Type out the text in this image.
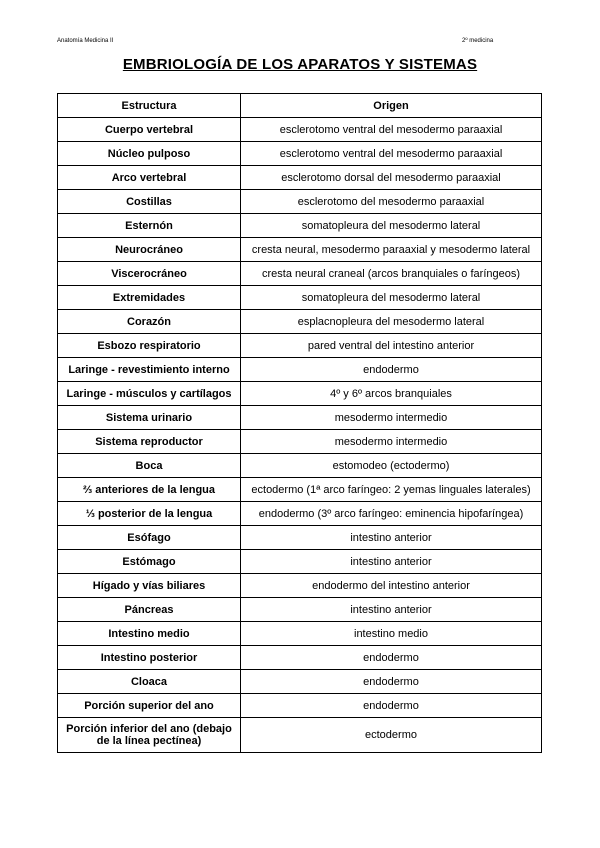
Anatomía Medicina II	2º medicina
EMBRIOLOGÍA DE LOS APARATOS Y SISTEMAS
Estructura	Origen
Cuerpo vertebral	esclerotomo ventral del mesodermo paraaxial
Núcleo pulposo	esclerotomo ventral del mesodermo paraaxial
Arco vertebral	esclerotomo dorsal del mesodermo paraaxial
Costillas	esclerotomo del mesodermo paraaxial
Esternón	somatopleura del mesodermo lateral
Neurocráneo	cresta neural, mesodermo paraaxial y mesodermo lateral
Viscerocráneo	cresta neural craneal (arcos branquiales o faríngeos)
Extremidades	somatopleura del mesodermo lateral
Corazón	esplacnopleura del mesodermo lateral
Esbozo respiratorio	pared ventral del intestino anterior
Laringe - revestimiento interno	endodermo
Laringe - músculos y cartílagos	4º y 6º arcos branquiales
Sistema urinario	mesodermo intermedio
Sistema reproductor	mesodermo intermedio
Boca	estomodeo (ectodermo)
⅔ anteriores de la lengua	ectodermo (1ª arco faríngeo: 2 yemas linguales laterales)
⅓ posterior de la lengua	endodermo (3º arco faríngeo: eminencia hipofaríngea)
Esófago	intestino anterior
Estómago	intestino anterior
Hígado y vías biliares	endodermo del intestino anterior
Páncreas	intestino anterior
Intestino medio	intestino medio
Intestino posterior	endodermo
Cloaca	endodermo
Porción superior del ano	endodermo
Porción inferior del ano (debajo de la línea pectínea)	ectodermo
